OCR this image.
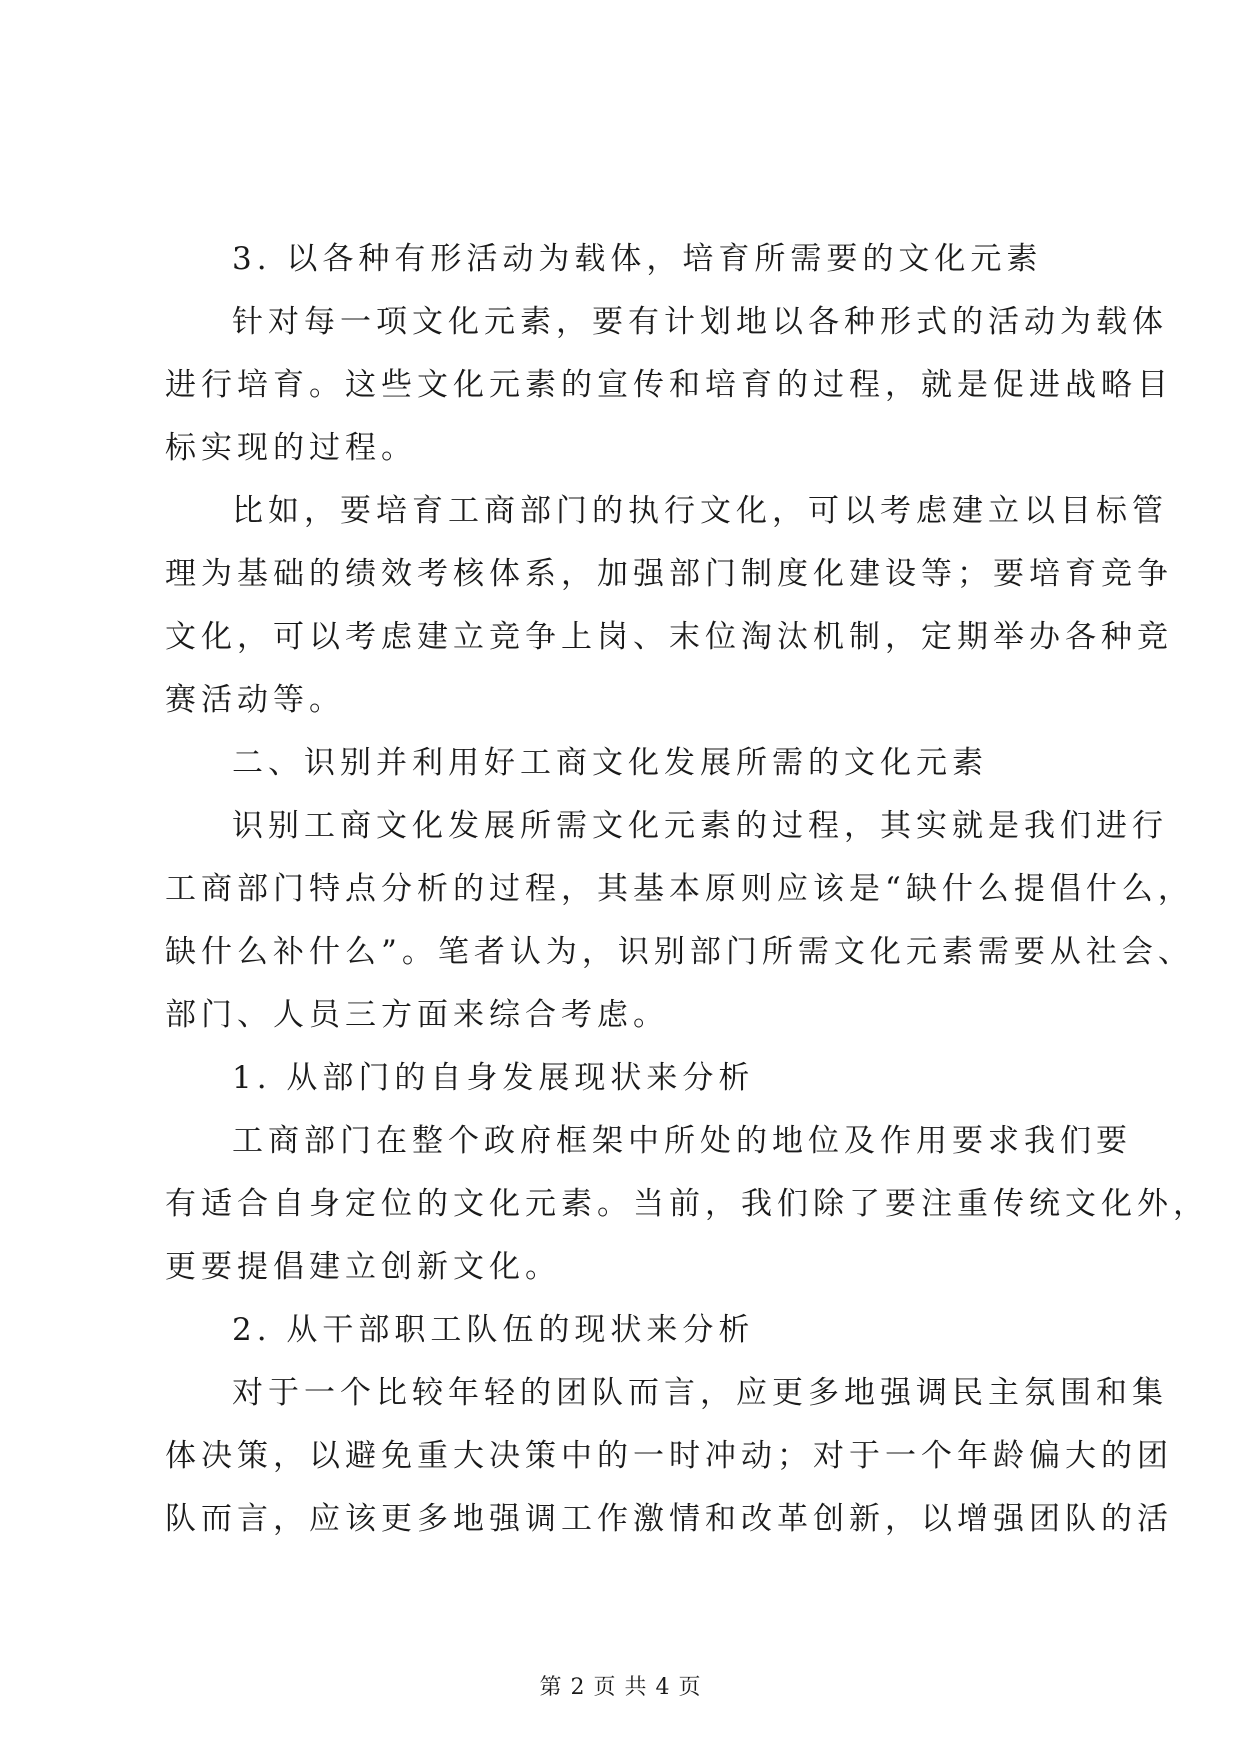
3. 以各种有形活动为载体，培育所需要的文化元素

针对每一项文化元素，要有计划地以各种形式的活动为载体
进行培育。这些文化元素的宣传和培育的过程，就是促进战略目
标实现的过程。

比如，要培育工商部门的执行文化，可以考虑建立以目标管
理为基础的绩效考核体系，加强部门制度化建设等；要培育竞争
文化，可以考虑建立竞争上岗、末位淘汰机制，定期举办各种竞
赛活动等。

二、识别并利用好工商文化发展所需的文化元素

识别工商文化发展所需文化元素的过程，其实就是我们进行
工商部门特点分析的过程，其基本原则应该是“缺什么提倡什么，
缺什么补什么”。笔者认为，识别部门所需文化元素需要从社会、
部门、人员三方面来综合考虑。

1. 从部门的自身发展现状来分析

工商部门在整个政府框架中所处的地位及作用要求我们要
有适合自身定位的文化元素。当前，我们除了要注重传统文化外，
更要提倡建立创新文化。

2. 从干部职工队伍的现状来分析

对于一个比较年轻的团队而言，应更多地强调民主氛围和集
体决策，以避免重大决策中的一时冲动；对于一个年龄偏大的团
队而言，应该更多地强调工作激情和改革创新，以增强团队的活

第 2 页 共 4 页
